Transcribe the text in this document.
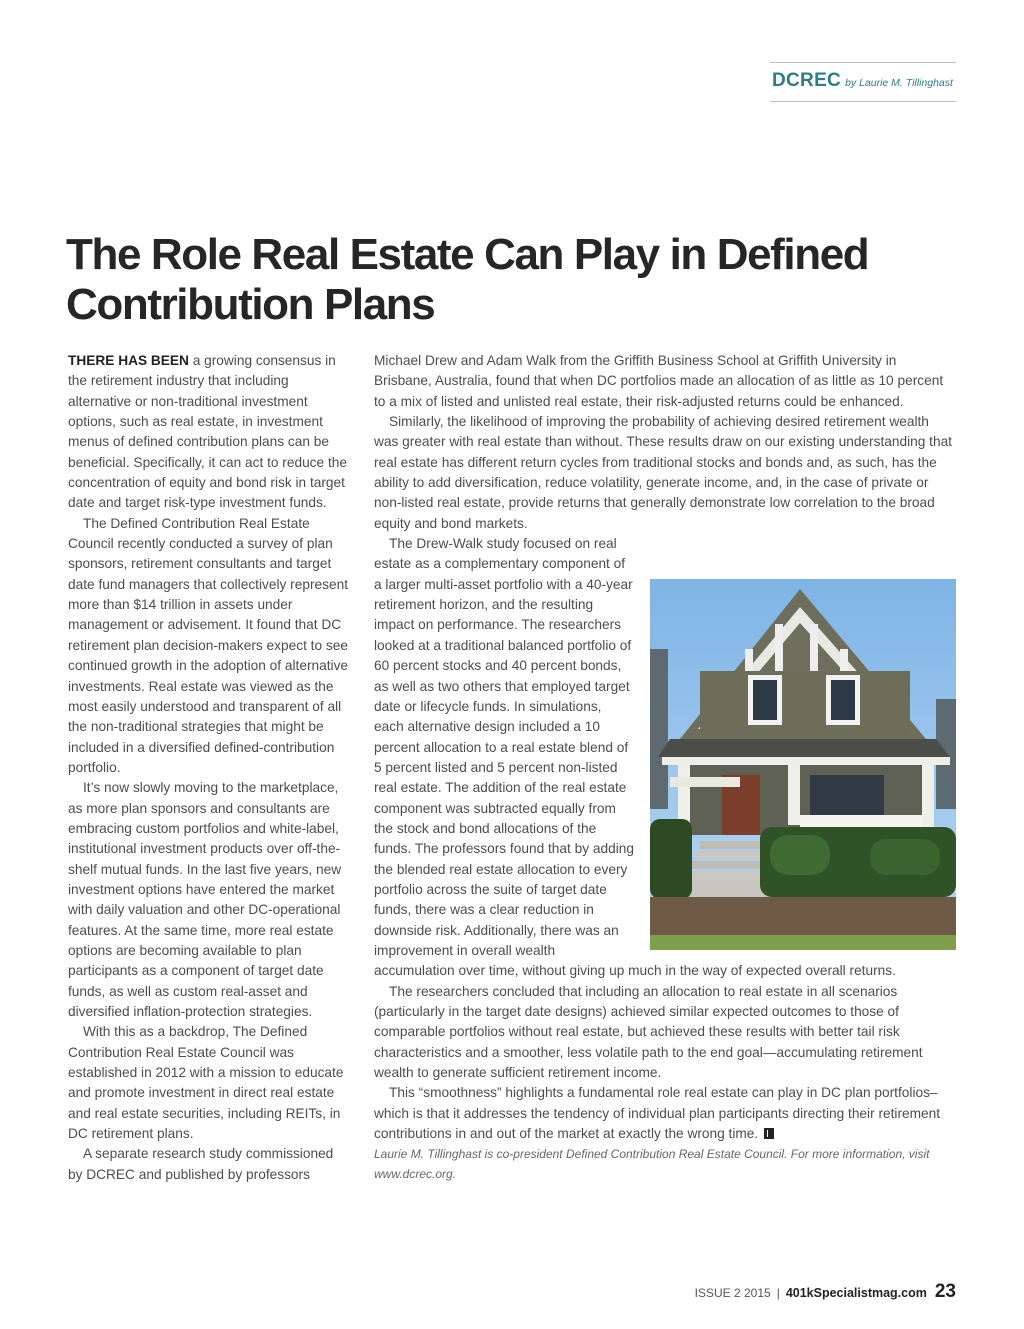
DCREC by Laurie M. Tillinghast
The Role Real Estate Can Play in Defined Contribution Plans

THERE HAS BEEN a growing consensus in the retirement industry that including alternative or non-traditional investment options, such as real estate, in investment menus of defined contribution plans can be beneficial. Specifically, it can act to reduce the concentration of equity and bond risk in target date and target risk-type investment funds.

The Defined Contribution Real Estate Council recently conducted a survey of plan sponsors, retirement consultants and target date fund managers that collectively represent more than $14 trillion in assets under management or advisement. It found that DC retirement plan decision-makers expect to see continued growth in the adoption of alternative investments. Real estate was viewed as the most easily understood and transparent of all the non-traditional strategies that might be included in a diversified defined-contribution portfolio.

It’s now slowly moving to the marketplace, as more plan sponsors and consultants are embracing custom portfolios and white-label, institutional investment products over off-the-shelf mutual funds. In the last five years, new investment options have entered the market with daily valuation and other DC-operational features. At the same time, more real estate options are becoming available to plan participants as a component of target date funds, as well as custom real-asset and diversified inflation-protection strategies.

With this as a backdrop, The Defined Contribution Real Estate Council was established in 2012 with a mission to educate and promote investment in direct real estate and real estate securities, including REITs, in DC retirement plans.

A separate research study commissioned by DCREC and published by professors

Michael Drew and Adam Walk from the Griffith Business School at Griffith University in Brisbane, Australia, found that when DC portfolios made an allocation of as little as 10 percent to a mix of listed and unlisted real estate, their risk-adjusted returns could be enhanced.

Similarly, the likelihood of improving the probability of achieving desired retirement wealth was greater with real estate than without. These results draw on our existing understanding that real estate has different return cycles from traditional stocks and bonds and, as such, has the ability to add diversification, reduce volatility, generate income, and, in the case of private or non-listed real estate, provide returns that generally demonstrate low correlation to the broad equity and bond markets.

The Drew-Walk study focused on real estate as a complementary component of a larger multi-asset portfolio with a 40-year retirement horizon, and the resulting impact on performance. The researchers looked at a traditional balanced portfolio of 60 percent stocks and 40 percent bonds, as well as two others that employed target date or lifecycle funds. In simulations, each alternative design included a 10 percent allocation to a real estate blend of 5 percent listed and 5 percent non-listed real estate. The addition of the real estate component was subtracted equally from the stock and bond allocations of the funds. The professors found that by adding the blended real estate allocation to every portfolio across the suite of target date funds, there was a clear reduction in downside risk. Additionally, there was an improvement in overall wealth accumulation over time, without giving up much in the way of expected overall returns.

The researchers concluded that including an allocation to real estate in all scenarios (particularly in the target date designs) achieved similar expected outcomes to those of comparable portfolios without real estate, but achieved these results with better tail risk characteristics and a smoother, less volatile path to the end goal—accumulating retirement wealth to generate sufficient retirement income.

This “smoothness” highlights a fundamental role real estate can play in DC plan portfolios–which is that it addresses the tendency of individual plan participants directing their retirement contributions in and out of the market at exactly the wrong time.

Laurie M. Tillinghast is co-president Defined Contribution Real Estate Council. For more information, visit www.dcrec.org.

ISSUE 2 2015 | 401kSpecialistmag.com 23
